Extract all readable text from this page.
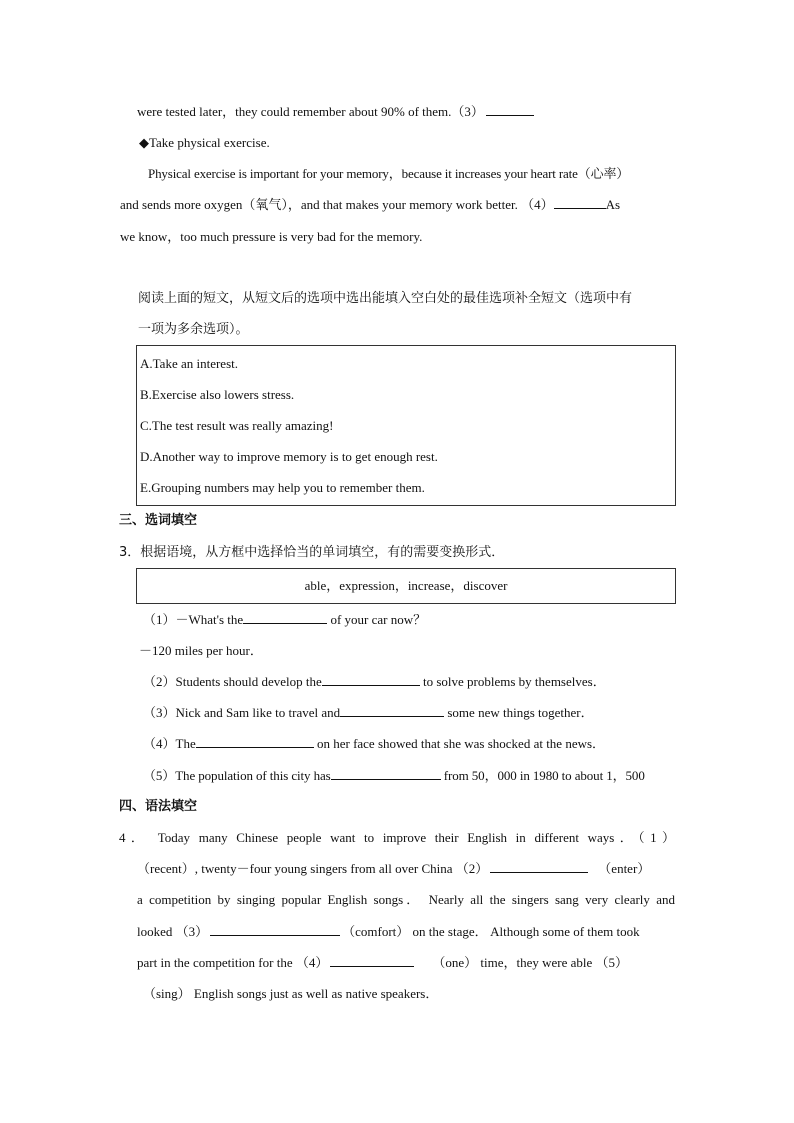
were tested later，they could remember about 90% of them.（3）
◆Take physical exercise.
Physical exercise is important for your memory，because it increases your heart rate（心率）
and sends more oxygen（氧气），and that makes your memory work better. （4）	As
we know，too much pressure is very bad for the memory.
阅读上面的短文，从短文后的选项中选出能填入空白处的最佳选项补全短文（选项中有
一项为多余选项）。
A.Take an interest.
B.Exercise also lowers stress.
C.The test result was really amazing!
D.Another way to improve memory is to get enough rest.
E.Grouping numbers may help you to remember them.
三、选词填空
3．根据语境，从方框中选择恰当的单词填空，有的需要变换形式．
able，expression，increase，discover
（1）－What's the	of your car now？
－120 miles per hour．
（2）Students should develop the	to solve problems by themselves．
（3）Nick and Sam like to travel and	some new things together．
（4）The	on her face showed that she was shocked at the news．
（5）The population of this city has	from 50，000 in 1980 to about 1，500
四、语法填空
4． Today many Chinese people want to improve their English in different ways．（1）
（recent）, twenty－four young singers from all over China （2）	（enter）
a competition by singing popular English songs． Nearly all the singers sang very clearly and
looked （3）	（comfort） on the stage． Although some of them took
part in the competition for the （4）	（one） time，they were able （5）
（sing） English songs just as well as native speakers．
